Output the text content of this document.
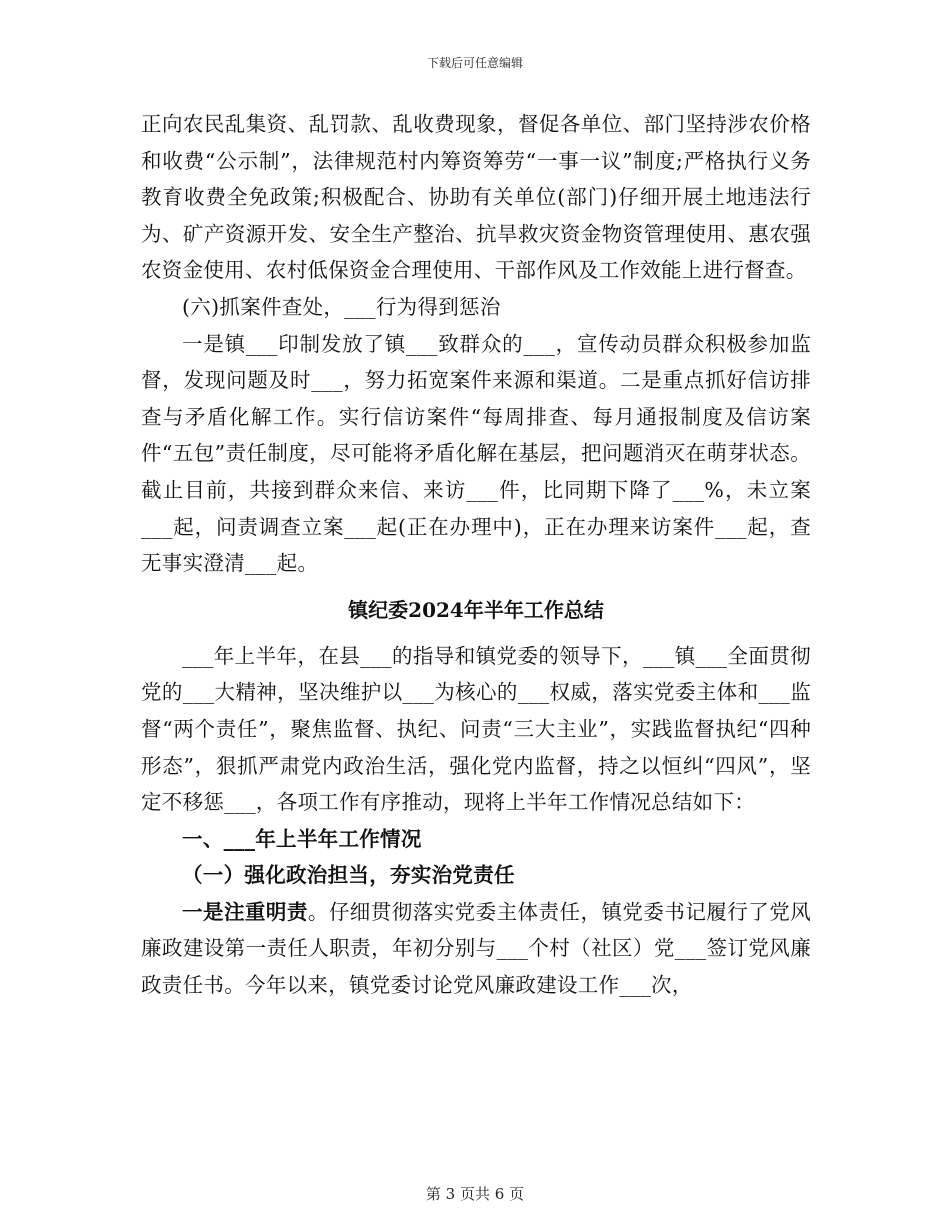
下载后可任意编辑

正向农民乱集资、乱罚款、乱收费现象，督促各单位、部门坚持涉农价格和收费“公示制”，法律规范村内筹资筹劳“一事一议”制度;严格执行义务教育收费全免政策;积极配合、协助有关单位(部门)仔细开展土地违法行为、矿产资源开发、安全生产整治、抗旱救灾资金物资管理使用、惠农强农资金使用、农村低保资金合理使用、干部作风及工作效能上进行督查。

(六)抓案件查处，___行为得到惩治

一是镇___印制发放了镇___致群众的___，宣传动员群众积极参加监督，发现问题及时___，努力拓宽案件来源和渠道。二是重点抓好信访排查与矛盾化解工作。实行信访案件“每周排查、每月通报制度及信访案件“五包”责任制度，尽可能将矛盾化解在基层，把问题消灭在萌芽状态。截止目前，共接到群众来信、来访___件，比同期下降了___%，未立案___起，问责调查立案___起(正在办理中)，正在办理来访案件___起，查无事实澄清___起。

镇纪委2024年半年工作总结

___年上半年，在县___的指导和镇党委的领导下，___镇___全面贯彻党的___大精神，坚决维护以___为核心的___权威，落实党委主体和___监督“两个责任”，聚焦监督、执纪、问责“三大主业”，实践监督执纪“四种形态”，狠抓严肃党内政治生活，强化党内监督，持之以恒纠“四风”，坚定不移惩___，各项工作有序推动，现将上半年工作情况总结如下：

一、___年上半年工作情况

（一）强化政治担当，夯实治党责任

一是注重明责。仔细贯彻落实党委主体责任，镇党委书记履行了党风廉政建设第一责任人职责，年初分别与___个村（社区）党___签订党风廉政责任书。今年以来，镇党委讨论党风廉政建设工作___次，

第 3 页共 6 页
